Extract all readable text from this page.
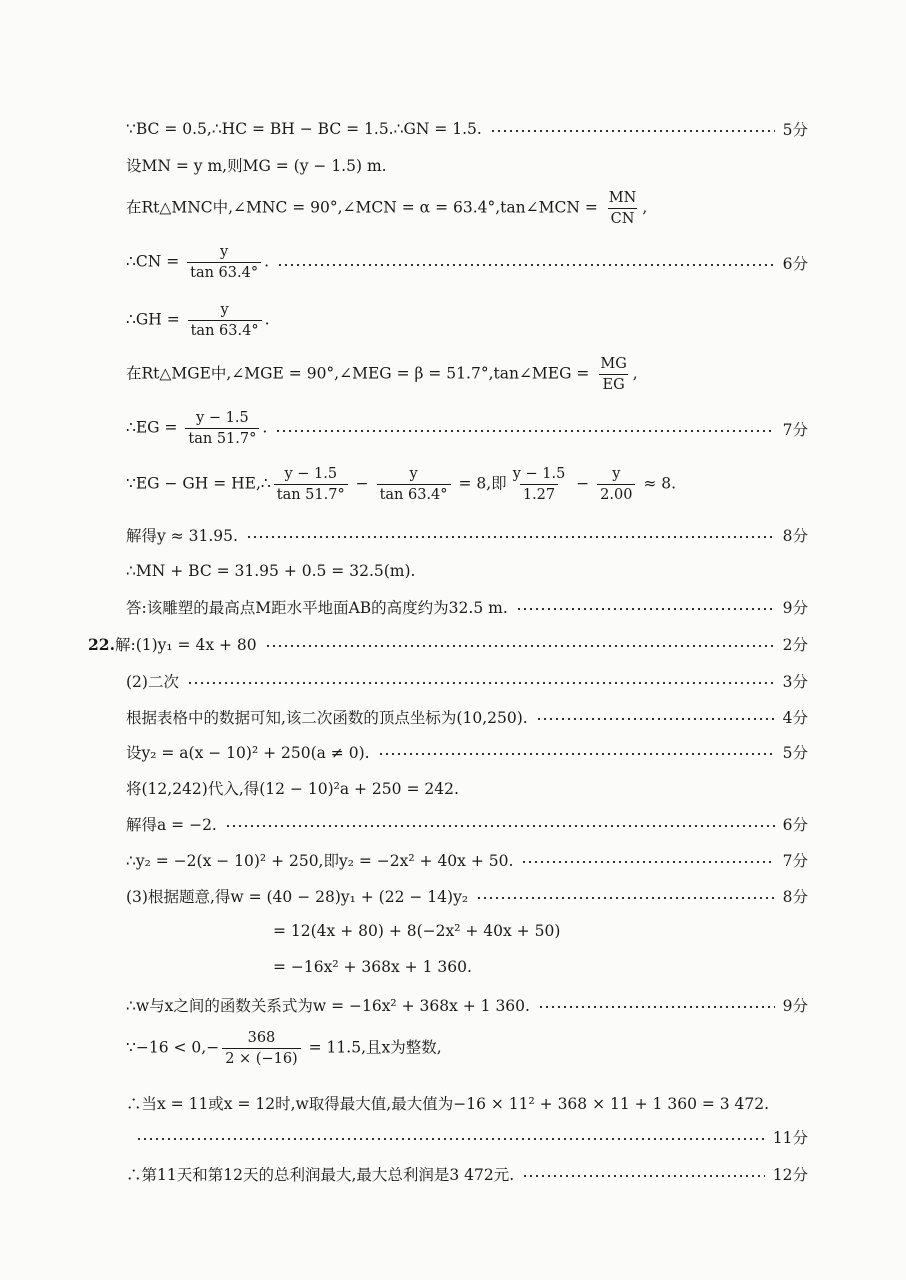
∵BC = 0.5,∴HC = BH − BC = 1.5.∴GN = 1.5.	5分
设MN = y m,则MG = (y − 1.5) m.
在Rt△MNC中,∠MNC = 90°,∠MCN = α = 63.4°,tan∠MCN = $\frac{MN}{CN}$ ,
∴CN = $\frac{y}{\tan 63.4^\circ}$ .	6分
∴GH = $\frac{y}{\tan 63.4^\circ}$ .
在Rt△MGE中,∠MGE = 90°,∠MEG = β = 51.7°,tan∠MEG = $\frac{MG}{EG}$ ,
∴EG = $\frac{y - 1.5}{\tan 51.7^\circ}$ .	7分
∵EG − GH = HE,∴ $\frac{y - 1.5}{\tan 51.7^\circ} - \frac{y}{\tan 63.4^\circ} = 8$,即 $\frac{y - 1.5}{1.27} - \frac{y}{2.00} \approx 8$.
解得y ≈ 31.95.	8分
∴MN + BC = 31.95 + 0.5 = 32.5(m).
答:该雕塑的最高点M距水平地面AB的高度约为32.5 m.	9分
22.解:(1)y₁ = 4x + 80	2分
(2)二次	3分
根据表格中的数据可知,该二次函数的顶点坐标为(10,250).	4分
设y₂ = a(x − 10)² + 250(a ≠ 0).	5分
将(12,242)代入,得(12 − 10)²a + 250 = 242.
解得a = −2.	6分
∴y₂ = −2(x − 10)² + 250,即y₂ = −2x² + 40x + 50.	7分
(3)根据题意,得w = (40 − 28)y₁ + (22 − 14)y₂	8分
= 12(4x + 80) + 8(−2x² + 40x + 50)
= −16x² + 368x + 1 360.
∴w与x之间的函数关系式为w = −16x² + 368x + 1 360.	9分
∵−16 < $0,- \frac{368}{2 \times (-16)} = 11.5$,且x为整数,
∴当x = 11或x = 12时,w取得最大值,最大值为−16 × 11² + 368 × 11 + 1 360 = 3 472.
11分
∴第11天和第12天的总利润最大,最大总利润是3 472元.	12分
